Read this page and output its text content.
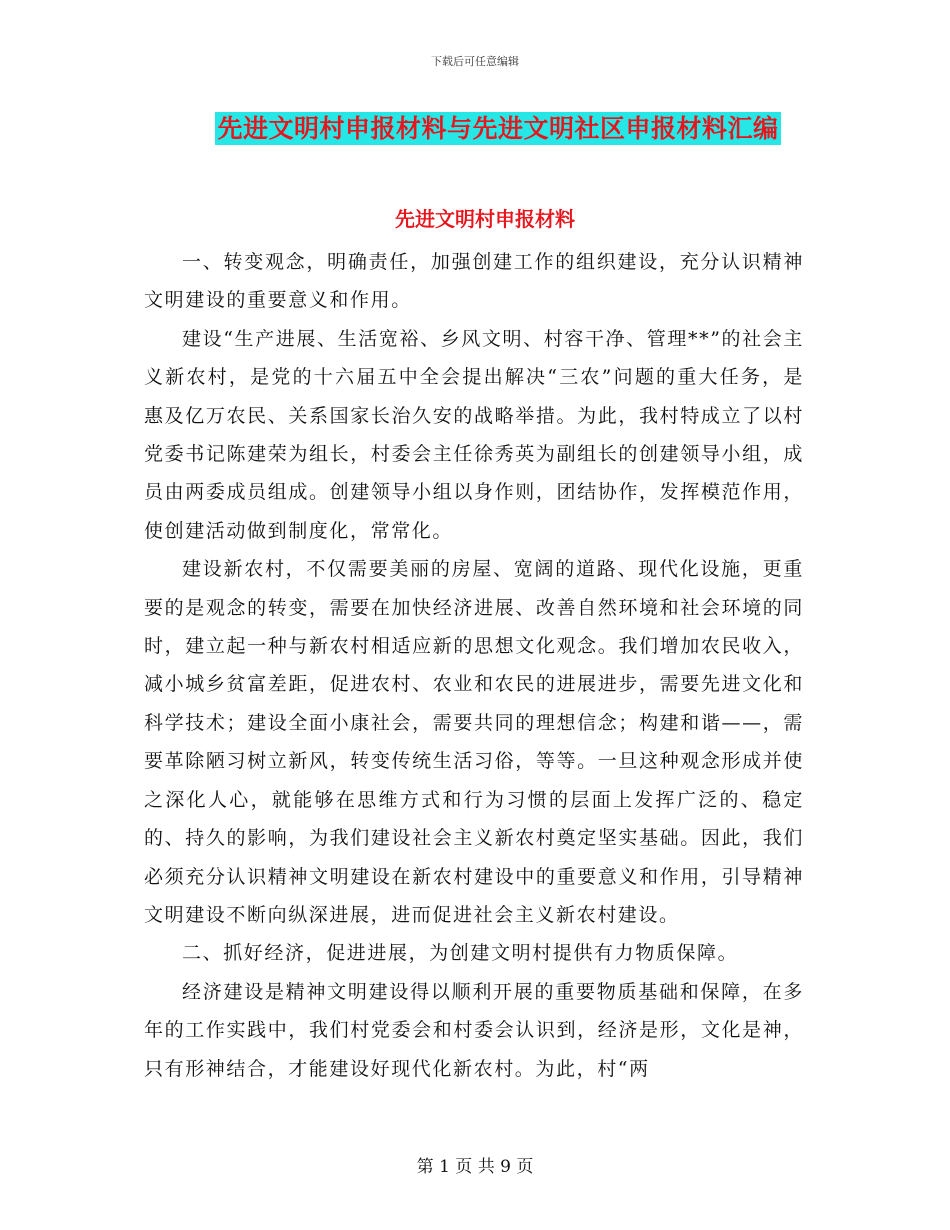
下载后可任意编辑
先进文明村申报材料与先进文明社区申报材料汇编
先进文明村申报材料

一、转变观念，明确责任，加强创建工作的组织建设，充分认识精神文明建设的重要意义和作用。

建设“生产进展、生活宽裕、乡风文明、村容干净、管理**”的社会主义新农村，是党的十六届五中全会提出解决“三农”问题的重大任务，是惠及亿万农民、关系国家长治久安的战略举措。为此，我村特成立了以村党委书记陈建荣为组长，村委会主任徐秀英为副组长的创建领导小组，成员由两委成员组成。创建领导小组以身作则，团结协作，发挥模范作用，使创建活动做到制度化，常常化。

建设新农村，不仅需要美丽的房屋、宽阔的道路、现代化设施，更重要的是观念的转变，需要在加快经济进展、改善自然环境和社会环境的同时，建立起一种与新农村相适应新的思想文化观念。我们增加农民收入，减小城乡贫富差距，促进农村、农业和农民的进展进步，需要先进文化和科学技术；建设全面小康社会，需要共同的理想信念；构建和谐——，需要革除陋习树立新风，转变传统生活习俗，等等。一旦这种观念形成并使之深化人心，就能够在思维方式和行为习惯的层面上发挥广泛的、稳定的、持久的影响，为我们建设社会主义新农村奠定坚实基础。因此，我们必须充分认识精神文明建设在新农村建设中的重要意义和作用，引导精神文明建设不断向纵深进展，进而促进社会主义新农村建设。

二、抓好经济，促进进展，为创建文明村提供有力物质保障。

经济建设是精神文明建设得以顺利开展的重要物质基础和保障，在多年的工作实践中，我们村党委会和村委会认识到，经济是形，文化是神，只有形神结合，才能建设好现代化新农村。为此，村“两

第 1 页 共 9 页
